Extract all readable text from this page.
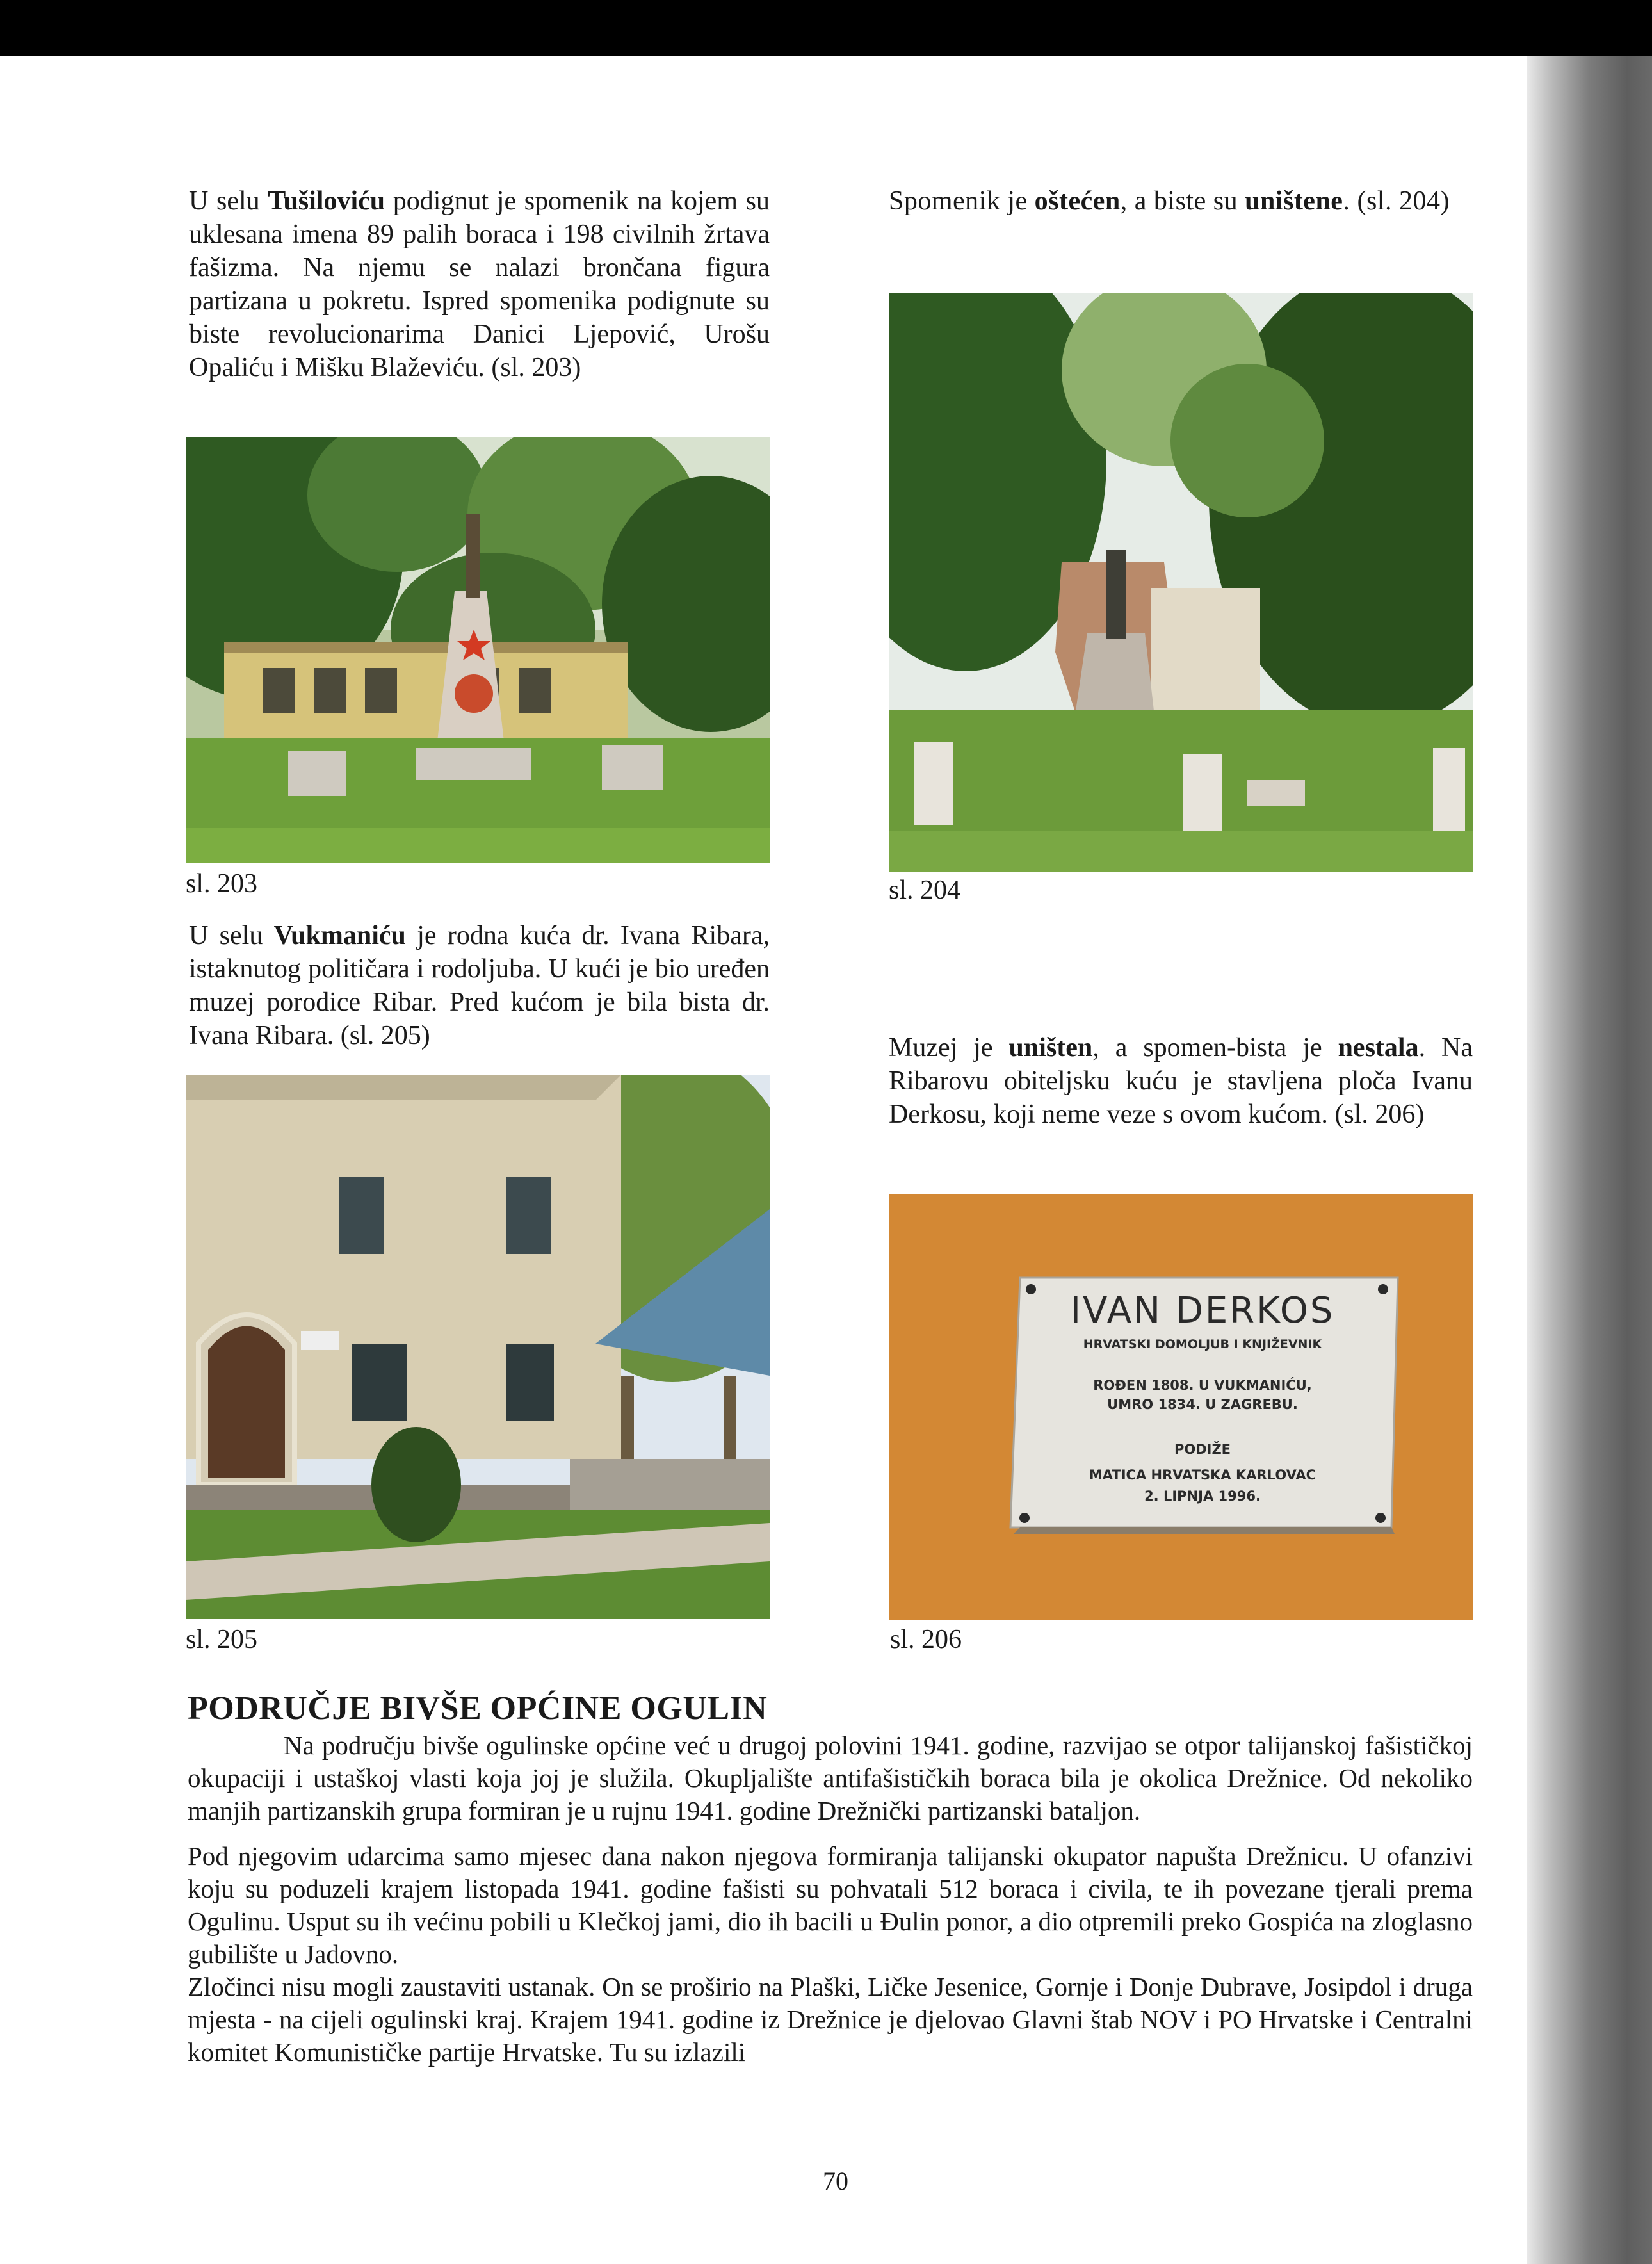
U selu Tušiloviću podignut je spomenik na kojem su uklesana imena 89 palih boraca i 198 civilnih žrtava fašizma. Na njemu se nalazi brončana figura partizana u pokretu. Ispred spomenika podignute su biste revolucionarima Danici Ljepović, Urošu Opaliću i Mišku Blaževiću. (sl. 203)
sl. 203
U selu Vukmaniću je rodna kuća dr. Ivana Ribara, istaknutog političara i rodoljuba. U kući je bio uređen muzej porodice Ribar. Pred kućom je bila bista dr. Ivana Ribara. (sl. 205)
sl. 205
Spomenik je oštećen, a biste su uništene. (sl. 204)
sl. 204
Muzej je uništen, a spomen-bista je nestala. Na Ribarovu obiteljsku kuću je stavljena ploča Ivanu Derkosu, koji neme veze s ovom kućom. (sl. 206)
IVAN DERKOS
HRVATSKI DOMOLJUB I KNJIŽEVNIK
ROĐEN 1808. U VUKMANIĆU,
UMRO 1834. U ZAGREBU.
PODIŽE
MATICA HRVATSKA KARLOVAC
2. LIPNJA 1996.
sl. 206
PODRUČJE BIVŠE OPĆINE OGULIN

Na području bivše ogulinske općine već u drugoj polovini 1941. godine, razvijao se otpor talijanskoj fašističkoj okupaciji i ustaškoj vlasti koja joj je služila. Okupljalište antifašističkih boraca bila je okolica Drežnice. Od nekoliko manjih partizanskih grupa formiran je u rujnu 1941. godine Drežnički partizanski bataljon.

Pod njegovim udarcima samo mjesec dana nakon njegova formiranja talijanski okupator napušta Drežnicu. U ofanzivi koju su poduzeli krajem listopada 1941. godine fašisti su pohvatali 512 boraca i civila, te ih povezane tjerali prema Ogulinu. Usput su ih većinu pobili u Klečkoj jami, dio ih bacili u Đulin ponor, a dio otpremili preko Gospića na zloglasno gubilište u Jadovno.

Zločinci nisu mogli zaustaviti ustanak. On se proširio na Plaški, Ličke Jesenice, Gornje i Donje Dubrave, Josipdol i druga mjesta - na cijeli ogulinski kraj. Krajem 1941. godine iz Drežnice je djelovao Glavni štab NOV i PO Hrvatske i Centralni komitet Komunističke partije Hrvatske. Tu su izlazili

70
